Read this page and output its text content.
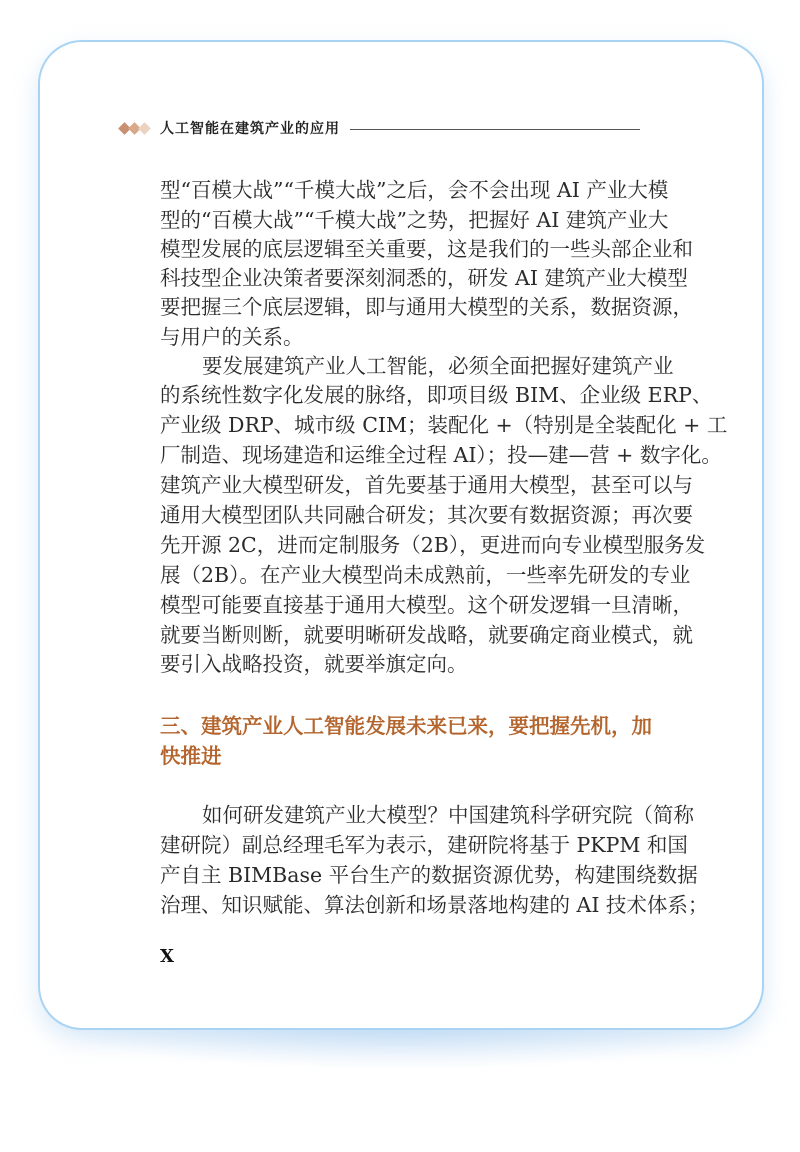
人工智能在建筑产业的应用
型“百模大战”“千模大战”之后，会不会出现 AI 产业大模
型的“百模大战”“千模大战”之势，把握好 AI 建筑产业大
模型发展的底层逻辑至关重要，这是我们的一些头部企业和
科技型企业决策者要深刻洞悉的，研发 AI 建筑产业大模型
要把握三个底层逻辑，即与通用大模型的关系，数据资源，
与用户的关系。
要发展建筑产业人工智能，必须全面把握好建筑产业
的系统性数字化发展的脉络，即项目级 BIM、企业级 ERP、
产业级 DRP、城市级 CIM；装配化 +（特别是全装配化 + 工
厂制造、现场建造和运维全过程 AI）；投—建—营 + 数字化。
建筑产业大模型研发，首先要基于通用大模型，甚至可以与
通用大模型团队共同融合研发；其次要有数据资源；再次要
先开源 2C，进而定制服务（2B），更进而向专业模型服务发
展（2B）。在产业大模型尚未成熟前，一些率先研发的专业
模型可能要直接基于通用大模型。这个研发逻辑一旦清晰，
就要当断则断，就要明晰研发战略，就要确定商业模式，就
要引入战略投资，就要举旗定向。
三、建筑产业人工智能发展未来已来，要把握先机，加
快推进
如何研发建筑产业大模型？中国建筑科学研究院（简称
建研院）副总经理毛军为表示，建研院将基于 PKPM 和国
产自主 BIMBase 平台生产的数据资源优势，构建围绕数据
治理、知识赋能、算法创新和场景落地构建的 AI 技术体系；
X
